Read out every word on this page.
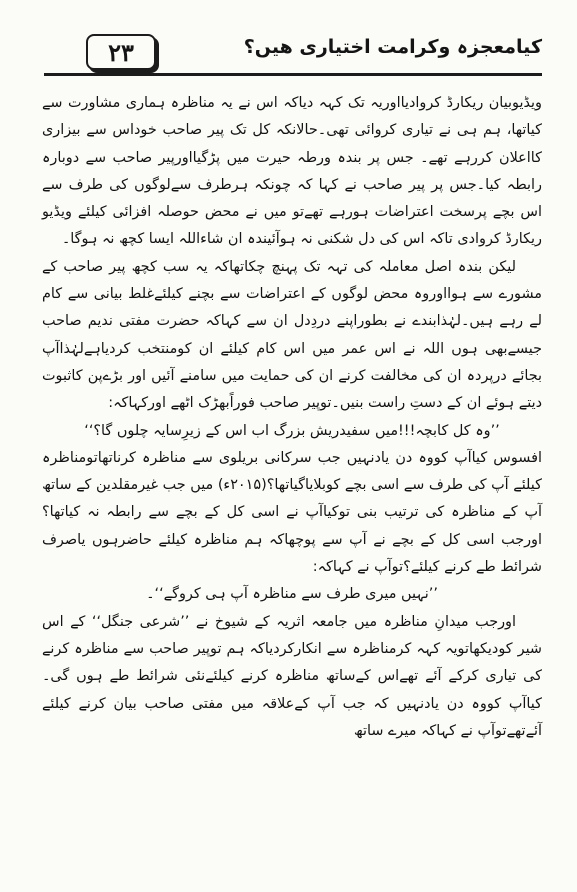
۲۳	کیامعجزہ وکرامت اختیاری ھیں؟

ویڈیوبیان ریکارڈ کروادیااوریہ تک کہہ دیاکہ اس نے یہ مناظرہ ہماری مشاورت سے کیاتھا، ہم ہی نے تیاری کروائی تھی۔حالانکہ کل تک پیر صاحب خوداس سے بیزاری کااعلان کررہے تھے۔ جس پر بندہ ورطہ حیرت میں پڑگیااورپیر صاحب سے دوبارہ رابطہ کیا۔جس پر پیر صاحب نے کہا کہ چونکہ ہرطرف سےلوگوں کی طرف سے اس بچے پرسخت اعتراضات ہورہے تھےتو میں نے محض حوصلہ افزائی کیلئے ویڈیو ریکارڈ کروادی تاکہ اس کی دل شکنی نہ ہوآئیندہ ان شاءاللہ ایسا کچھ نہ ہوگا۔

لیکن بندہ اصل معاملہ کی تہہ تک پہنچ چکاتھاکہ یہ سب کچھ پیر صاحب کے مشورے سے ہوااوروہ محض لوگوں کے اعتراضات سے بچنے کیلئےغلط بیانی سے کام لے رہے ہیں۔لہٰذابندے نے بطوراپنے دردِدل ان سے کہاکہ حضرت مفتی ندیم صاحب جیسےبھی ہوں اللہ نے اس عمر میں اس کام کیلئے ان کومنتخب کردیاہےلہٰذاآپ بجائے درپردہ ان کی مخالفت کرنے ان کی حمایت میں سامنے آئیں اور بڑےپن کاثبوت دیتے ہوئے ان کے دستِ راست بنیں۔توپیر صاحب فوراًبھڑک اٹھے اورکہاکہ:

’’وہ کل کابچہ!!!میں سفیدریش بزرگ اب اس کے زیرِسایہ چلوں گا؟‘‘

افسوس کیاآپ کووہ دن یادنہیں جب سرکانی بریلوی سے مناظرہ کرناتھاتومناظرہ کیلئے آپ کی طرف سے اسی بچے کوبلایاگیاتھا؟(۲۰۱۵ء) میں جب غیرمقلدین کے ساتھ آپ کے مناظرہ کی ترتیب بنی توکیاآپ نے اسی کل کے بچے سے رابطہ نہ کیاتھا؟اورجب اسی کل کے بچے نے آپ سے پوچھاکہ ہم مناظرہ کیلئے حاضرہوں یاصرف شرائط طے کرنے کیلئے؟توآپ نے کہاکہ:

’’نہیں میری طرف سے مناظرہ آپ ہی کروگے‘‘۔

اورجب میدانِ مناظرہ میں جامعہ اثریہ کے شیوخ نے ’’شرعی جنگل‘‘ کے اس شیر کودیکھاتویہ کہہ کرمناظرہ سے انکارکردیاکہ ہم توپیر صاحب سے مناظرہ کرنے کی تیاری کرکے آئے تھےاس کےساتھ مناظرہ کرنے کیلئےنئی شرائط طے ہوں گی۔کیاآپ کووہ دن یادنہیں کہ جب آپ کےعلاقہ میں مفتی صاحب بیان کرنے کیلئے آئےتھےتوآپ نے کہاکہ میرے ساتھ
